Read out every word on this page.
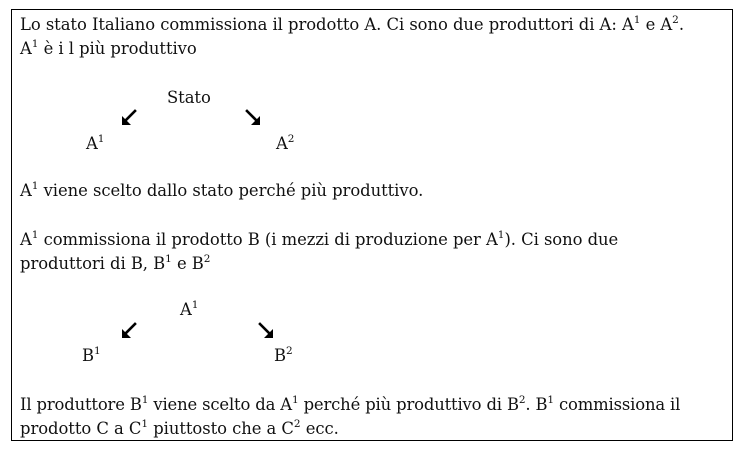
Lo stato Italiano commissiona il prodotto A. Ci sono due produttori di A: $A^1$ e $A^2$.
$A^1$ è i l più produttivo
Stato
$A^1$	$A^2$
$A^1$ viene scelto dallo stato perché più produttivo.
$A^1$ commissiona il prodotto B (i mezzi di produzione per $A^1$). Ci sono due
produttori di B, $B^1$ e $B^2$
$A^1$
$B^1$	$B^2$
Il produttore $B^1$ viene scelto da $A^1$ perché più produttivo di $B^2$. $B^1$ commissiona il
prodotto C a $C^1$ piuttosto che a $C^2$ ecc.
